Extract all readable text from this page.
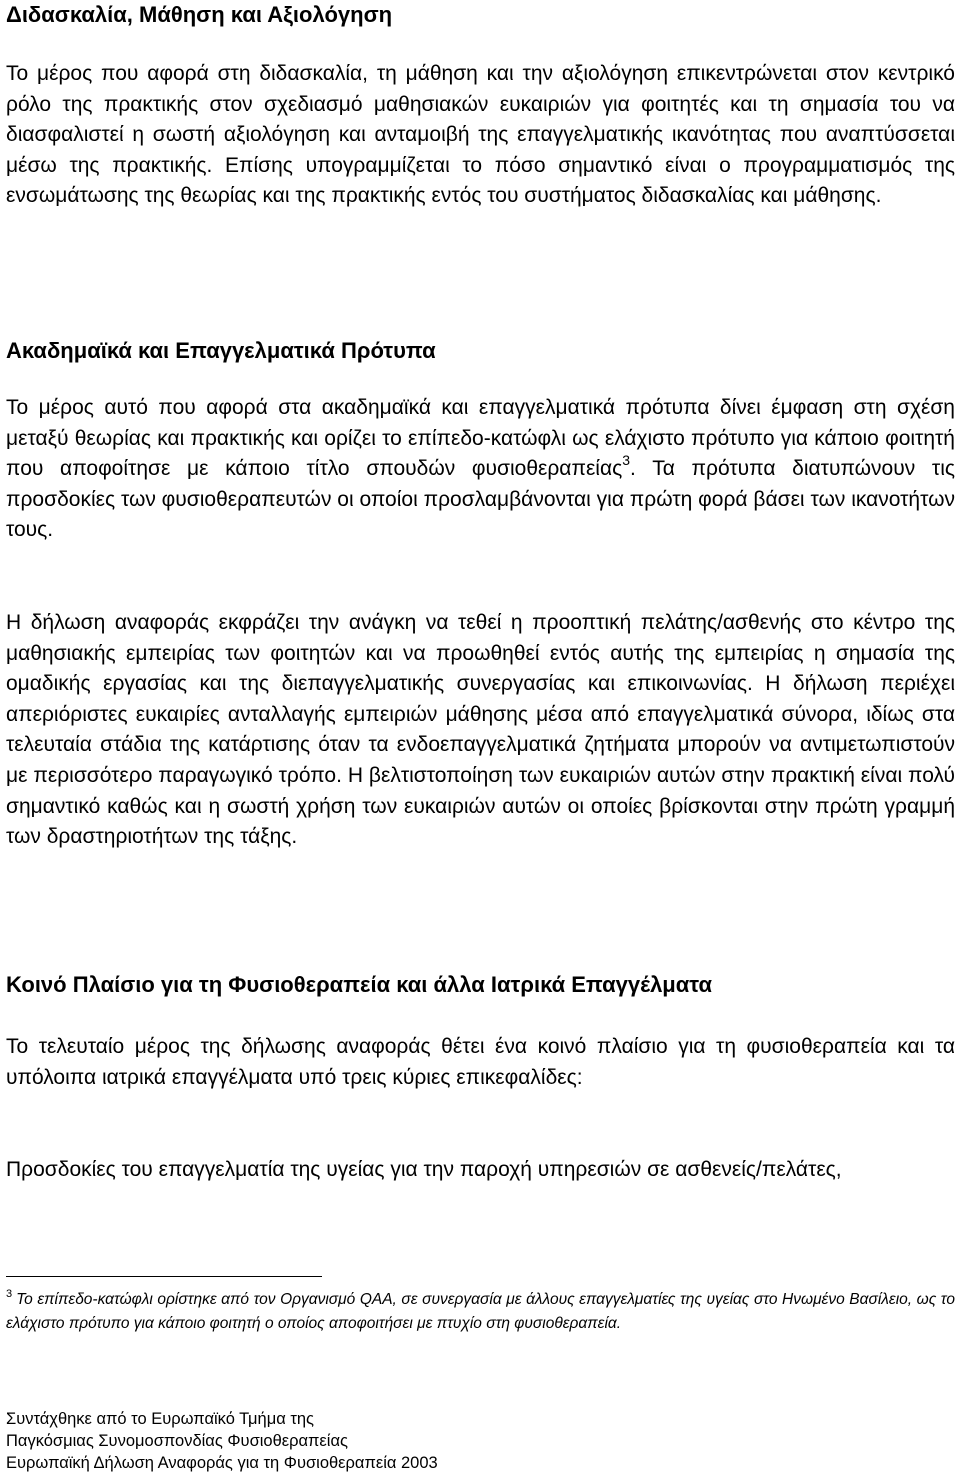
Διδασκαλία, Μάθηση και Αξιολόγηση

Το μέρος που αφορά στη διδασκαλία, τη μάθηση και την αξιολόγηση επικεντρώνεται στον κεντρικό ρόλο της πρακτικής στον σχεδιασμό μαθησιακών ευκαιριών για φοιτητές και τη σημασία του να διασφαλιστεί η σωστή αξιολόγηση και ανταμοιβή της επαγγελματικής ικανότητας που αναπτύσσεται μέσω της πρακτικής. Επίσης υπογραμμίζεται το πόσο σημαντικό είναι ο προγραμματισμός της ενσωμάτωσης της θεωρίας και της πρακτικής εντός του συστήματος διδασκαλίας και μάθησης.

Ακαδημαϊκά και Επαγγελματικά Πρότυπα

Το μέρος αυτό που αφορά στα ακαδημαϊκά και επαγγελματικά πρότυπα δίνει έμφαση στη σχέση μεταξύ θεωρίας και πρακτικής και ορίζει το επίπεδο-κατώφλι ως ελάχιστο πρότυπο για κάποιο φοιτητή που αποφοίτησε με κάποιο τίτλο σπουδών φυσιοθεραπείας$^3$. Τα πρότυπα διατυπώνουν τις προσδοκίες των φυσιοθεραπευτών οι οποίοι προσλαμβάνονται για πρώτη φορά βάσει των ικανοτήτων τους.

Η δήλωση αναφοράς εκφράζει την ανάγκη να τεθεί η προοπτική πελάτης/ασθενής στο κέντρο της μαθησιακής εμπειρίας των φοιτητών και να προωθηθεί εντός αυτής της εμπειρίας η σημασία της ομαδικής εργασίας και της διεπαγγελματικής συνεργασίας και επικοινωνίας. Η δήλωση περιέχει απεριόριστες ευκαιρίες ανταλλαγής εμπειριών μάθησης μέσα από επαγγελματικά σύνορα, ιδίως στα τελευταία στάδια της κατάρτισης όταν τα ενδοεπαγγελματικά ζητήματα μπορούν να αντιμετωπιστούν με περισσότερο παραγωγικό τρόπο. Η βελτιστοποίηση των ευκαιριών αυτών στην πρακτική είναι πολύ σημαντικό καθώς και η σωστή χρήση των ευκαιριών αυτών οι οποίες βρίσκονται στην πρώτη γραμμή των δραστηριοτήτων της τάξης.

Κοινό Πλαίσιο για τη Φυσιοθεραπεία και άλλα Ιατρικά Επαγγέλματα

Το τελευταίο μέρος της δήλωσης αναφοράς θέτει ένα κοινό πλαίσιο για τη φυσιοθεραπεία και τα υπόλοιπα ιατρικά επαγγέλματα υπό τρεις κύριες επικεφαλίδες:

Προσδοκίες του επαγγελματία της υγείας για την παροχή υπηρεσιών σε ασθενείς/πελάτες,

$^3$ Το επίπεδο-κατώφλι ορίστηκε από τον Οργανισμό QAA, σε συνεργασία με άλλους επαγγελματίες της υγείας στο Ηνωμένο Βασίλειο, ως το ελάχιστο πρότυπο για κάποιο φοιτητή ο οποίος αποφοιτήσει με πτυχίο στη φυσιοθεραπεία.

Συντάχθηκε από το Ευρωπαϊκό Τμήμα της

Παγκόσμιας Συνομοσπονδίας Φυσιοθεραπείας

Ευρωπαϊκή Δήλωση Αναφοράς για τη Φυσιοθεραπεία 2003
